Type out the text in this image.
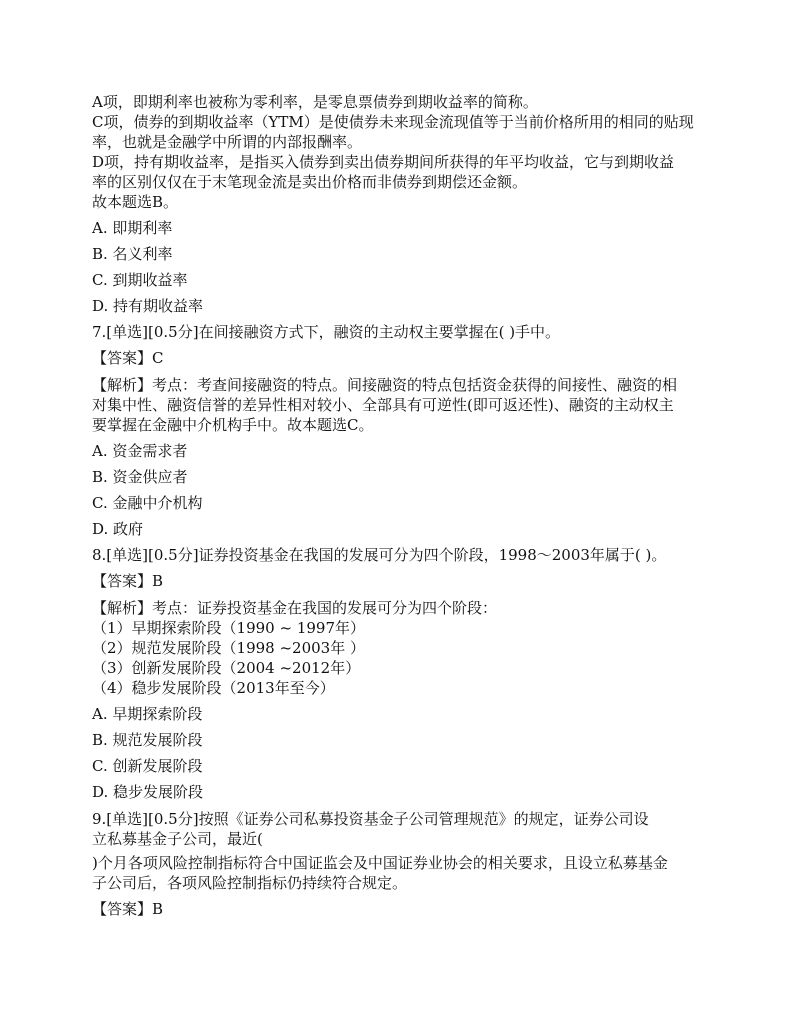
A项，即期利率也被称为零利率，是零息票债券到期收益率的简称。
C项，债券的到期收益率（YTM）是使债券未来现金流现值等于当前价格所用的相同的贴现
率，也就是金融学中所谓的内部报酬率。
D项，持有期收益率，是指买入债券到卖出债券期间所获得的年平均收益，它与到期收益
率的区别仅仅在于末笔现金流是卖出价格而非债券到期偿还金额。
故本题选B。
A. 即期利率
B. 名义利率
C. 到期收益率
D. 持有期收益率
7.[单选][0.5分]在间接融资方式下，融资的主动权主要掌握在( )手中。
【答案】C
【解析】考点：考查间接融资的特点。间接融资的特点包括资金获得的间接性、融资的相
对集中性、融资信誉的差异性相对较小、全部具有可逆性(即可返还性)、融资的主动权主
要掌握在金融中介机构手中。故本题选C。
A. 资金需求者
B. 资金供应者
C. 金融中介机构
D. 政府
8.[单选][0.5分]证券投资基金在我国的发展可分为四个阶段，1998～2003年属于( )。
【答案】B
【解析】考点：证券投资基金在我国的发展可分为四个阶段：
（1）早期探索阶段（1990 ~ 1997年）
（2）规范发展阶段（1998 ~2003年 ）
（3）创新发展阶段（2004 ~2012年）
（4）稳步发展阶段（2013年至今）
A. 早期探索阶段
B. 规范发展阶段
C. 创新发展阶段
D. 稳步发展阶段
9.[单选][0.5分]按照《证券公司私募投资基金子公司管理规范》的规定，证券公司设
立私募基金子公司，最近(
)个月各项风险控制指标符合中国证监会及中国证券业协会的相关要求，且设立私募基金
子公司后，各项风险控制指标仍持续符合规定。
【答案】B
